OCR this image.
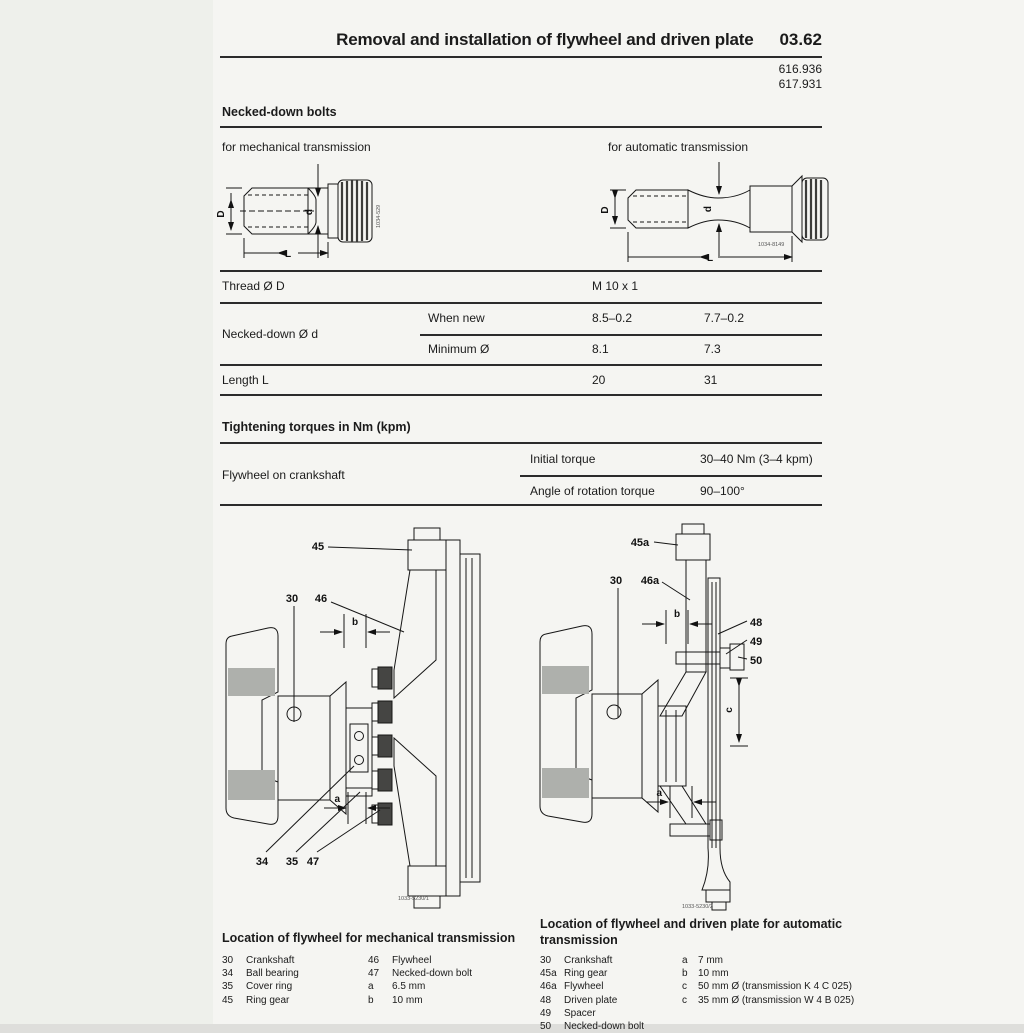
Removal and installation of flywheel and driven plate 03.62
616.936
617.931
Necked-down bolts
for mechanical transmission	for automatic transmission
D	d
L
1034-529	D	d
L
1034-8149
Thread Ø D	M 10 x 1
When new	8.5–0.2	7.7–0.2
Necked-down Ø d
Minimum Ø	8.1	7.3
Length L	20	31
Tightening torques in Nm (kpm)
Initial torque	30–40 Nm (3–4 kpm)
Flywheel on crankshaft
Angle of rotation torque	90–100°
b
a
45
30 46
34 35 47
1033-5230/1
b
c
a
45a
30 46a
48
49
50
1033-5230/2
Location of flywheel for mechanical transmission
30 Crankshaft
34 Ball bearing
35 Cover ring
45 Ring gear
46 Flywheel
47 Necked-down bolt
a 6.5 mm
b 10 mm
Location of flywheel and driven plate for automatic transmission
30 Crankshaft
45a Ring gear
46a Flywheel
48 Driven plate
49 Spacer
50 Necked-down bolt
a 7 mm
b 10 mm
c 50 mm Ø (transmission K 4 C 025)
c 35 mm Ø (transmission W 4 B 025)
